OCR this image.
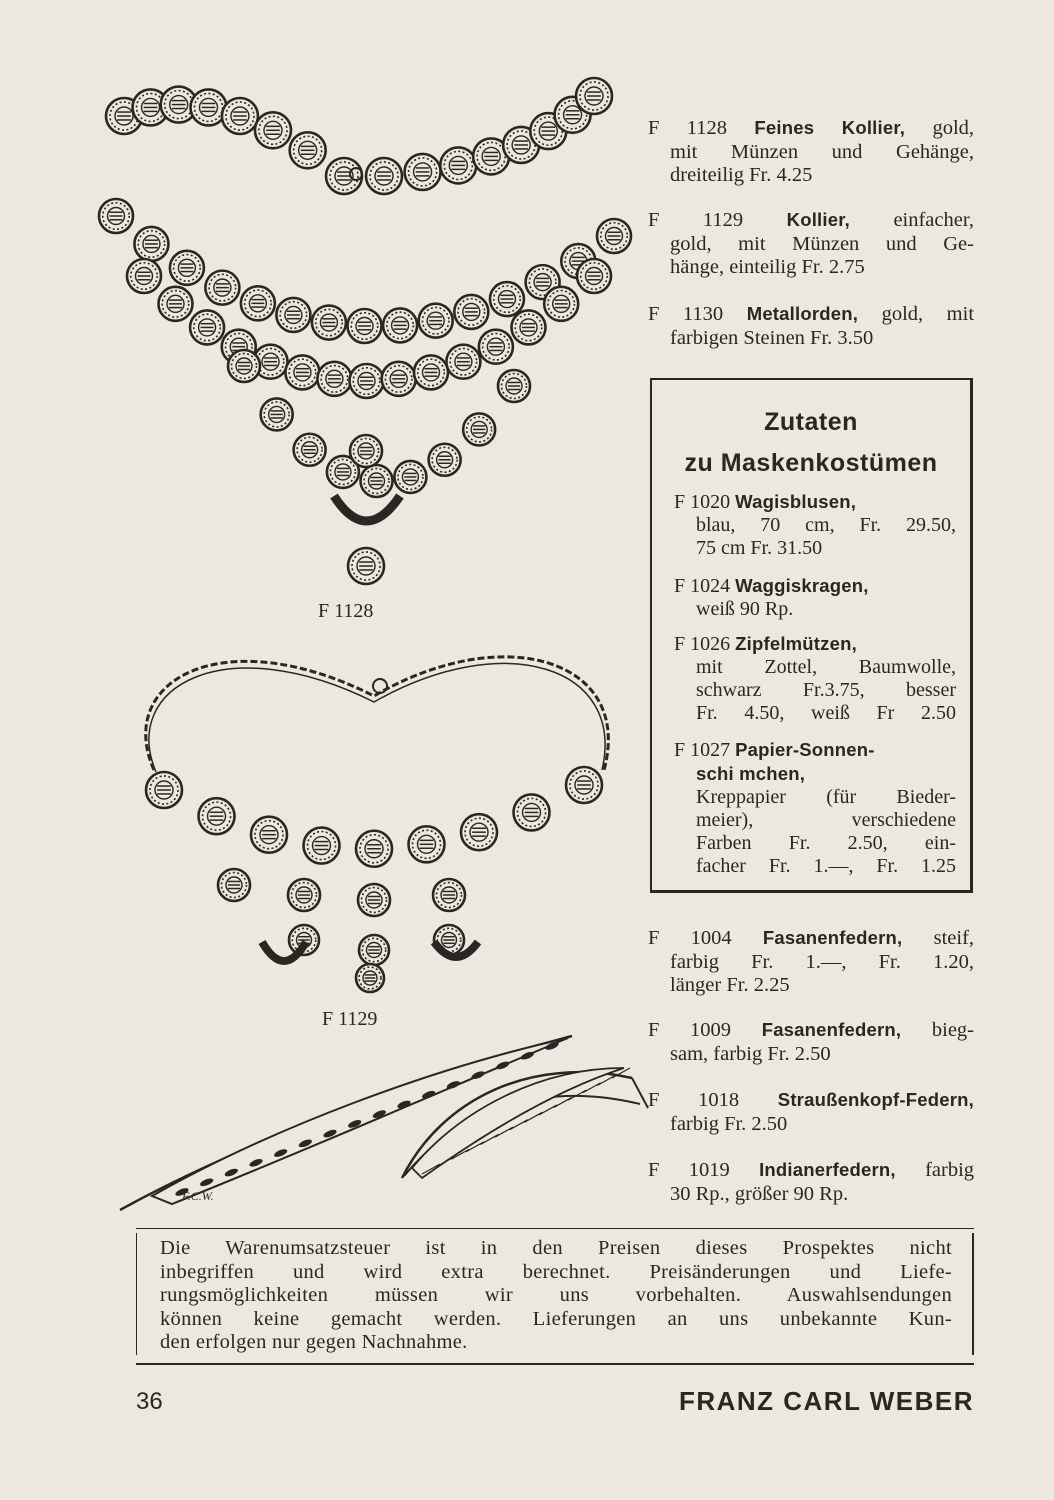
F 1128
F 1129
F.C.W.
F 1128 Feines Kollier, gold,
mit Münzen und Gehänge,
dreiteilig Fr. 4.25
F 1129 Kollier, einfacher,
gold, mit Münzen und Ge-
hänge, einteilig Fr. 2.75
F 1130 Metallorden, gold, mit
farbigen Steinen Fr. 3.50
Zutaten
zu Maskenkostümen
F 1020 Wagisblusen,
blau, 70 cm, Fr. 29.50,
75 cm Fr. 31.50
F 1024 Waggiskragen,
weiß 90 Rp.
F 1026 Zipfelmützen,
mit Zottel, Baumwolle,
schwarz Fr.3.75, besser
Fr. 4.50, weiß Fr 2.50
F 1027 Papier-Sonnen-
schi mchen,
Kreppapier (für Bieder-
meier), verschiedene
Farben Fr. 2.50, ein-
facher Fr. 1.—, Fr. 1.25
F 1004 Fasanenfedern, steif,
farbig Fr. 1.—, Fr. 1.20,
länger Fr. 2.25
F 1009 Fasanenfedern, bieg-
sam, farbig Fr. 2.50
F 1018 Straußenkopf-Federn,
farbig Fr. 2.50
F 1019 Indianerfedern, farbig
30 Rp., größer 90 Rp.
Die Warenumsatzsteuer ist in den Preisen dieses Prospektes nicht
inbegriffen und wird extra berechnet. Preisänderungen und Liefe-
rungsmöglichkeiten müssen wir uns vorbehalten. Auswahlsendungen
können keine gemacht werden. Lieferungen an uns unbekannte Kun-
den erfolgen nur gegen Nachnahme.
36	FRANZ CARL WEBER
